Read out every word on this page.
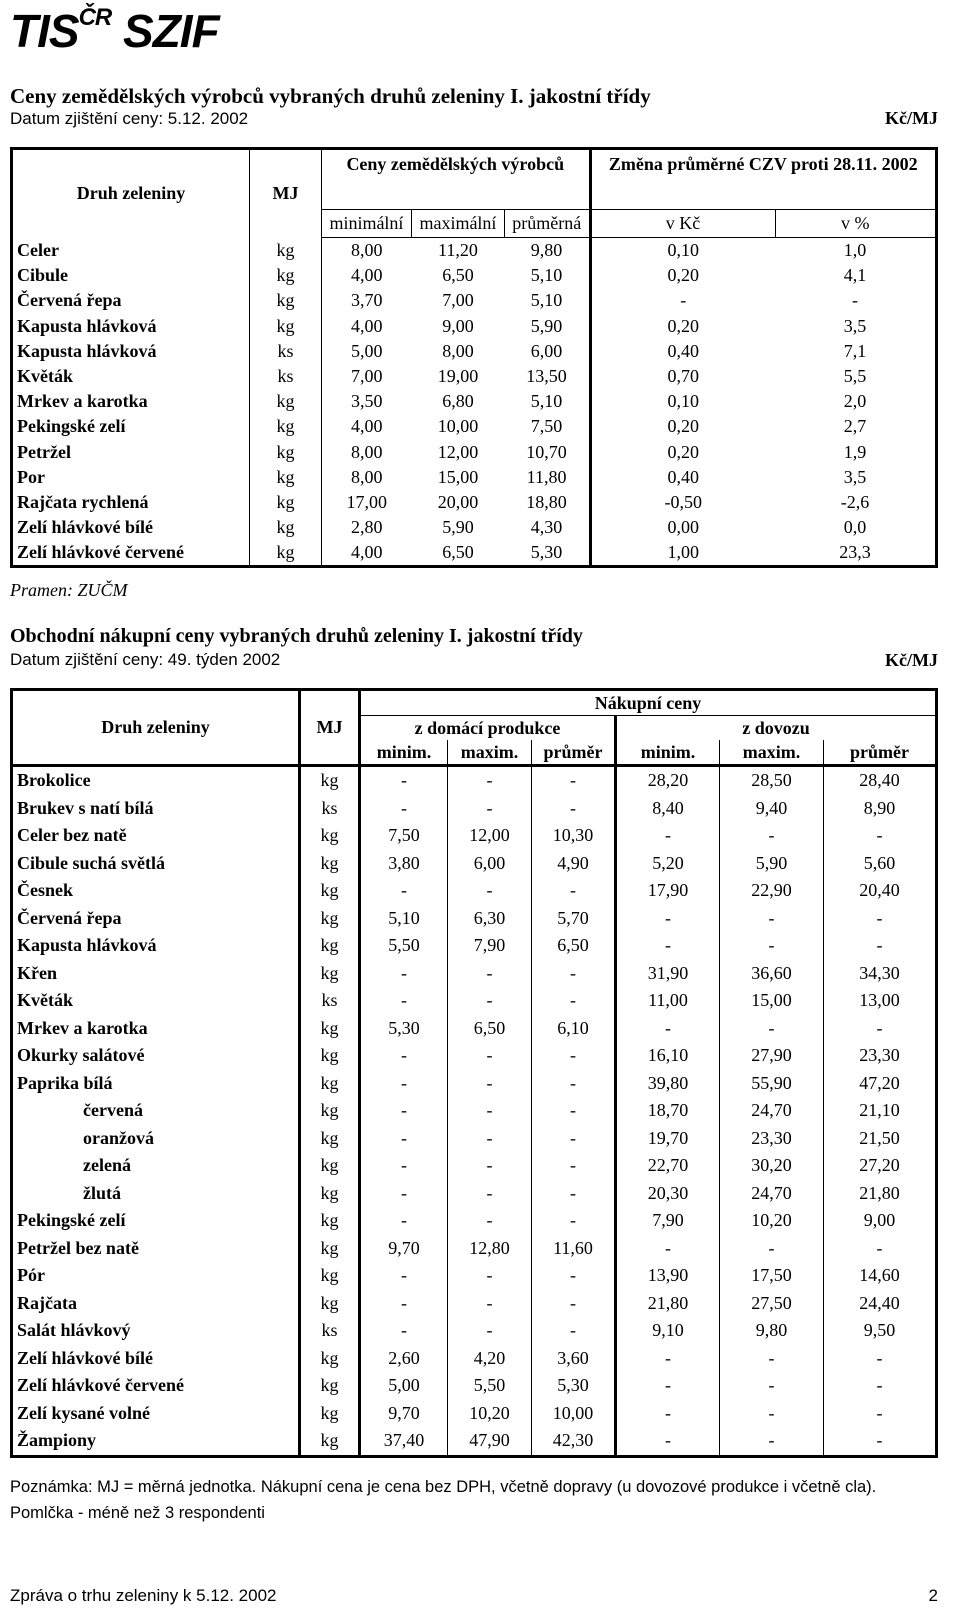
$TIS^{ČR}$ SZIF
Ceny zemědělských výrobců vybraných druhů zeleniny I. jakostní třídy
Datum zjištění ceny: 5.12. 2002	Kč/MJ
Druh zeleniny	MJ	Ceny zemědělských výrobců			Změna průměrné CZV proti 28.11. 2002	
		minimální	maximální	průměrná	v Kč	v %
Celer	kg	8,00	11,20	9,80	0,10	1,0
Cibule	kg	4,00	6,50	5,10	0,20	4,1
Červená řepa	kg	3,70	7,00	5,10	-	-
Kapusta hlávková	kg	4,00	9,00	5,90	0,20	3,5
Kapusta hlávková	ks	5,00	8,00	6,00	0,40	7,1
Květák	ks	7,00	19,00	13,50	0,70	5,5
Mrkev a karotka	kg	3,50	6,80	5,10	0,10	2,0
Pekingské zelí	kg	4,00	10,00	7,50	0,20	2,7
Petržel	kg	8,00	12,00	10,70	0,20	1,9
Por	kg	8,00	15,00	11,80	0,40	3,5
Rajčata rychlená	kg	17,00	20,00	18,80	-0,50	-2,6
Zelí hlávkové bílé	kg	2,80	5,90	4,30	0,00	0,0
Zelí hlávkové červené	kg	4,00	6,50	5,30	1,00	23,3
Pramen: ZUČM
Obchodní nákupní ceny vybraných druhů zeleniny I. jakostní třídy
Datum zjištění ceny: 49. týden 2002	Kč/MJ
Druh zeleniny	MJ	Nákupní ceny					
		z domácí produkce			z dovozu		
		minim.	maxim.	průměr	minim.	maxim.	průměr
Brokolice	kg	-	-	-	28,20	28,50	28,40
Brukev s natí bílá	ks	-	-	-	8,40	9,40	8,90
Celer bez natě	kg	7,50	12,00	10,30	-	-	-
Cibule suchá světlá	kg	3,80	6,00	4,90	5,20	5,90	5,60
Česnek	kg	-	-	-	17,90	22,90	20,40
Červená řepa	kg	5,10	6,30	5,70	-	-	-
Kapusta hlávková	kg	5,50	7,90	6,50	-	-	-
Křen	kg	-	-	-	31,90	36,60	34,30
Květák	ks	-	-	-	11,00	15,00	13,00
Mrkev a karotka	kg	5,30	6,50	6,10	-	-	-
Okurky salátové	kg	-	-	-	16,10	27,90	23,30
Paprika bílá	kg	-	-	-	39,80	55,90	47,20
červená	kg	-	-	-	18,70	24,70	21,10
oranžová	kg	-	-	-	19,70	23,30	21,50
zelená	kg	-	-	-	22,70	30,20	27,20
žlutá	kg	-	-	-	20,30	24,70	21,80
Pekingské zelí	kg	-	-	-	7,90	10,20	9,00
Petržel bez natě	kg	9,70	12,80	11,60	-	-	-
Pór	kg	-	-	-	13,90	17,50	14,60
Rajčata	kg	-	-	-	21,80	27,50	24,40
Salát hlávkový	ks	-	-	-	9,10	9,80	9,50
Zelí hlávkové bílé	kg	2,60	4,20	3,60	-	-	-
Zelí hlávkové červené	kg	5,00	5,50	5,30	-	-	-
Zelí kysané volné	kg	9,70	10,20	10,00	-	-	-
Žampiony	kg	37,40	47,90	42,30	-	-	-
Poznámka: MJ = měrná jednotka. Nákupní cena je cena bez DPH, včetně dopravy (u dovozové produkce i včetně cla). Pomlčka - méně než 3 respondenti
Zpráva o trhu zeleniny k 5.12. 2002	2
